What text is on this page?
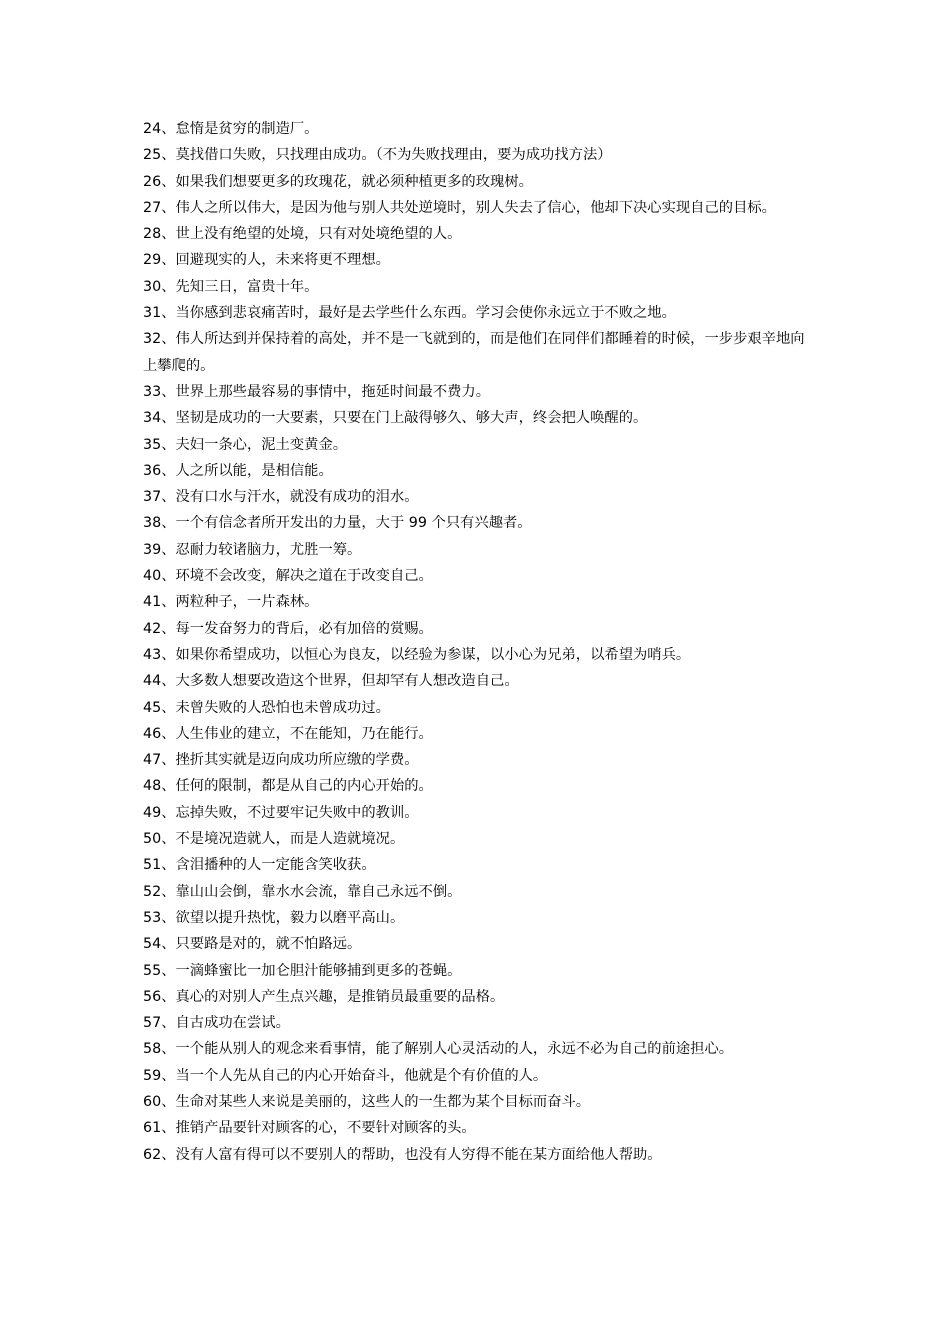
24、怠惰是贫穷的制造厂。

25、莫找借口失败，只找理由成功。（不为失败找理由，要为成功找方法）

26、如果我们想要更多的玫瑰花，就必须种植更多的玫瑰树。

27、伟人之所以伟大，是因为他与别人共处逆境时，别人失去了信心，他却下决心实现自己的目标。

28、世上没有绝望的处境，只有对处境绝望的人。

29、回避现实的人，未来将更不理想。

30、先知三日，富贵十年。

31、当你感到悲哀痛苦时，最好是去学些什么东西。学习会使你永远立于不败之地。

32、伟人所达到并保持着的高处，并不是一飞就到的，而是他们在同伴们都睡着的时候，一步步艰辛地向上攀爬的。

33、世界上那些最容易的事情中，拖延时间最不费力。

34、坚韧是成功的一大要素，只要在门上敲得够久、够大声，终会把人唤醒的。

35、夫妇一条心，泥土变黄金。

36、人之所以能，是相信能。

37、没有口水与汗水，就没有成功的泪水。

38、一个有信念者所开发出的力量，大于 99 个只有兴趣者。

39、忍耐力较诸脑力，尤胜一筹。

40、环境不会改变，解决之道在于改变自己。

41、两粒种子，一片森林。

42、每一发奋努力的背后，必有加倍的赏赐。

43、如果你希望成功，以恒心为良友，以经验为参谋，以小心为兄弟，以希望为哨兵。

44、大多数人想要改造这个世界，但却罕有人想改造自己。

45、未曾失败的人恐怕也未曾成功过。

46、人生伟业的建立，不在能知，乃在能行。

47、挫折其实就是迈向成功所应缴的学费。

48、任何的限制，都是从自己的内心开始的。

49、忘掉失败，不过要牢记失败中的教训。

50、不是境况造就人，而是人造就境况。

51、含泪播种的人一定能含笑收获。

52、靠山山会倒，靠水水会流，靠自己永远不倒。

53、欲望以提升热忱，毅力以磨平高山。

54、只要路是对的，就不怕路远。

55、一滴蜂蜜比一加仑胆汁能够捕到更多的苍蝇。

56、真心的对别人产生点兴趣，是推销员最重要的品格。

57、自古成功在尝试。

58、一个能从别人的观念来看事情，能了解别人心灵活动的人，永远不必为自己的前途担心。

59、当一个人先从自己的内心开始奋斗，他就是个有价值的人。

60、生命对某些人来说是美丽的，这些人的一生都为某个目标而奋斗。

61、推销产品要针对顾客的心，不要针对顾客的头。

62、没有人富有得可以不要别人的帮助，也没有人穷得不能在某方面给他人帮助。
